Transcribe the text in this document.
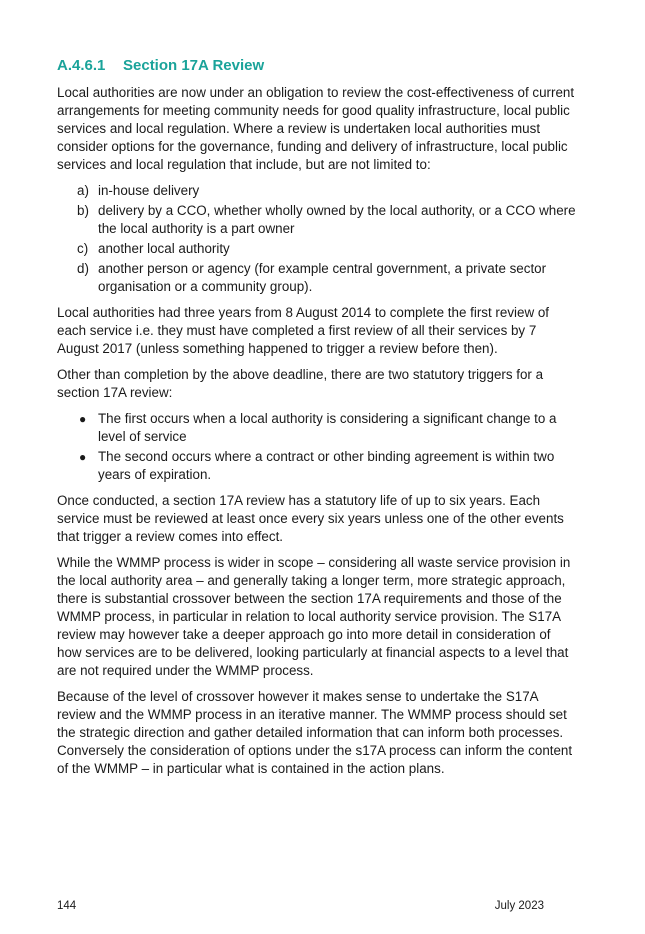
A.4.6.1 Section 17A Review

Local authorities are now under an obligation to review the cost-effectiveness of current arrangements for meeting community needs for good quality infrastructure, local public services and local regulation. Where a review is undertaken local authorities must consider options for the governance, funding and delivery of infrastructure, local public services and local regulation that include, but are not limited to:

a) in-house delivery
b) delivery by a CCO, whether wholly owned by the local authority, or a CCO where the local authority is a part owner
c) another local authority
d) another person or agency (for example central government, a private sector organisation or a community group).

Local authorities had three years from 8 August 2014 to complete the first review of each service i.e. they must have completed a first review of all their services by 7 August 2017 (unless something happened to trigger a review before then).

Other than completion by the above deadline, there are two statutory triggers for a section 17A review:

● The first occurs when a local authority is considering a significant change to a level of service
● The second occurs where a contract or other binding agreement is within two years of expiration.

Once conducted, a section 17A review has a statutory life of up to six years. Each service must be reviewed at least once every six years unless one of the other events that trigger a review comes into effect.

While the WMMP process is wider in scope – considering all waste service provision in the local authority area – and generally taking a longer term, more strategic approach, there is substantial crossover between the section 17A requirements and those of the WMMP process, in particular in relation to local authority service provision. The S17A review may however take a deeper approach go into more detail in consideration of how services are to be delivered, looking particularly at financial aspects to a level that are not required under the WMMP process.

Because of the level of crossover however it makes sense to undertake the S17A review and the WMMP process in an iterative manner. The WMMP process should set the strategic direction and gather detailed information that can inform both processes. Conversely the consideration of options under the s17A process can inform the content of the WMMP – in particular what is contained in the action plans.

144	July 2023
